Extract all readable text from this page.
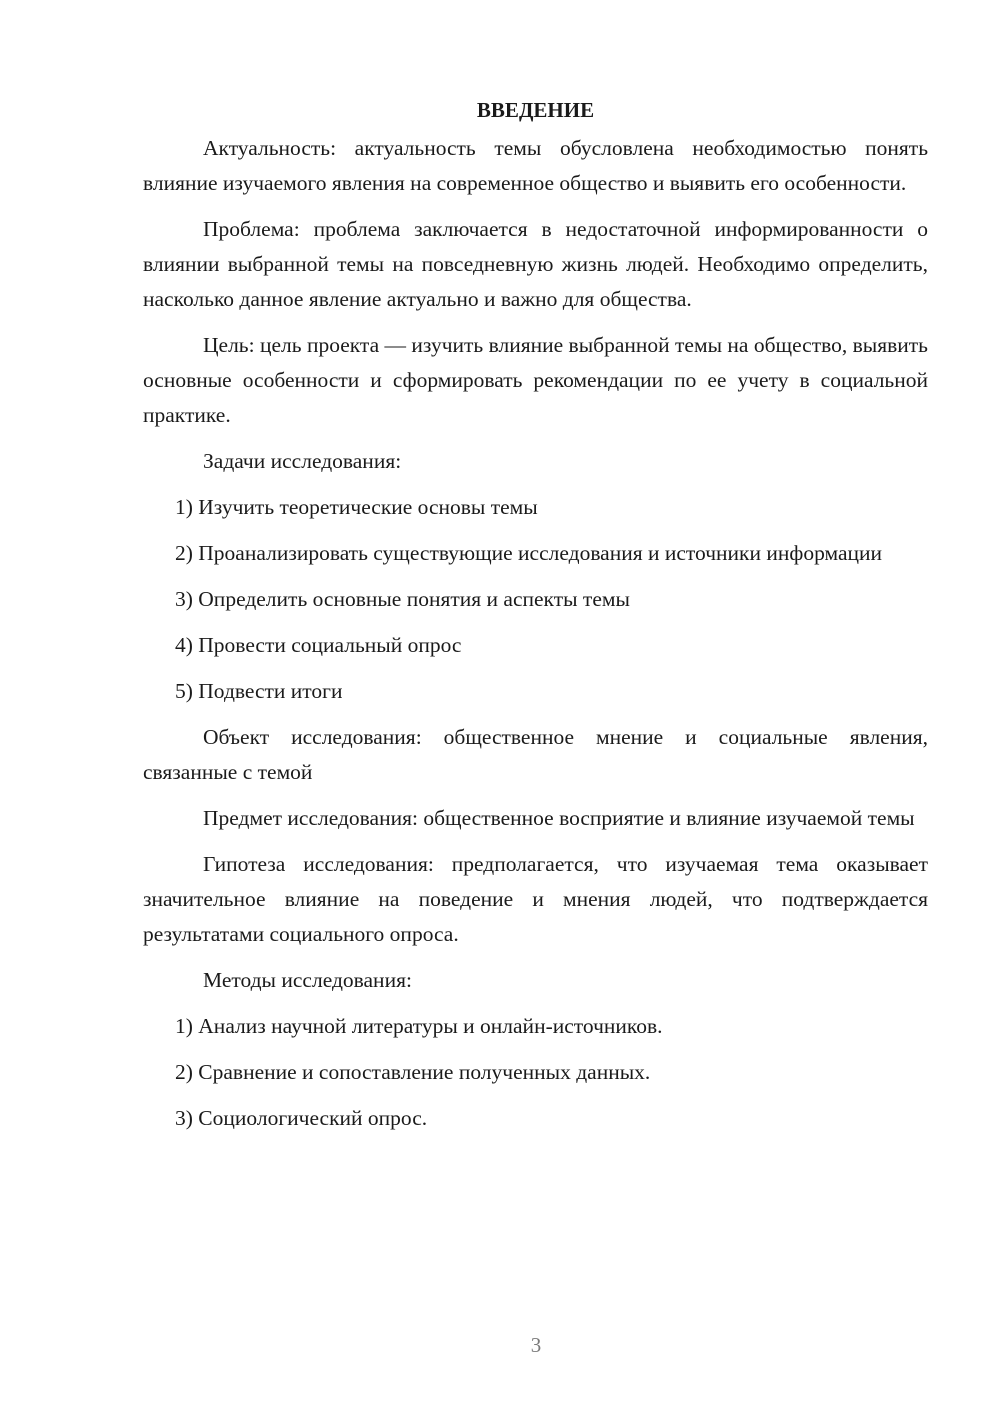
ВВЕДЕНИЕ

Актуальность: актуальность темы обусловлена необходимостью понять влияние изучаемого явления на современное общество и выявить его особенности.

Проблема: проблема заключается в недостаточной информированности о влиянии выбранной темы на повседневную жизнь людей. Необходимо определить, насколько данное явление актуально и важно для общества.

Цель: цель проекта — изучить влияние выбранной темы на общество, выявить основные особенности и сформировать рекомендации по ее учету в социальной практике.

Задачи исследования:

1) Изучить теоретические основы темы

2) Проанализировать существующие исследования и источники информации

3) Определить основные понятия и аспекты темы

4) Провести социальный опрос

5) Подвести итоги

Объект исследования: общественное мнение и социальные явления, связанные с темой

Предмет исследования: общественное восприятие и влияние изучаемой темы

Гипотеза исследования: предполагается, что изучаемая тема оказывает значительное влияние на поведение и мнения людей, что подтверждается результатами социального опроса.

Методы исследования:

1) Анализ научной литературы и онлайн-источников.

2) Сравнение и сопоставление полученных данных.

3) Социологический опрос.

3
